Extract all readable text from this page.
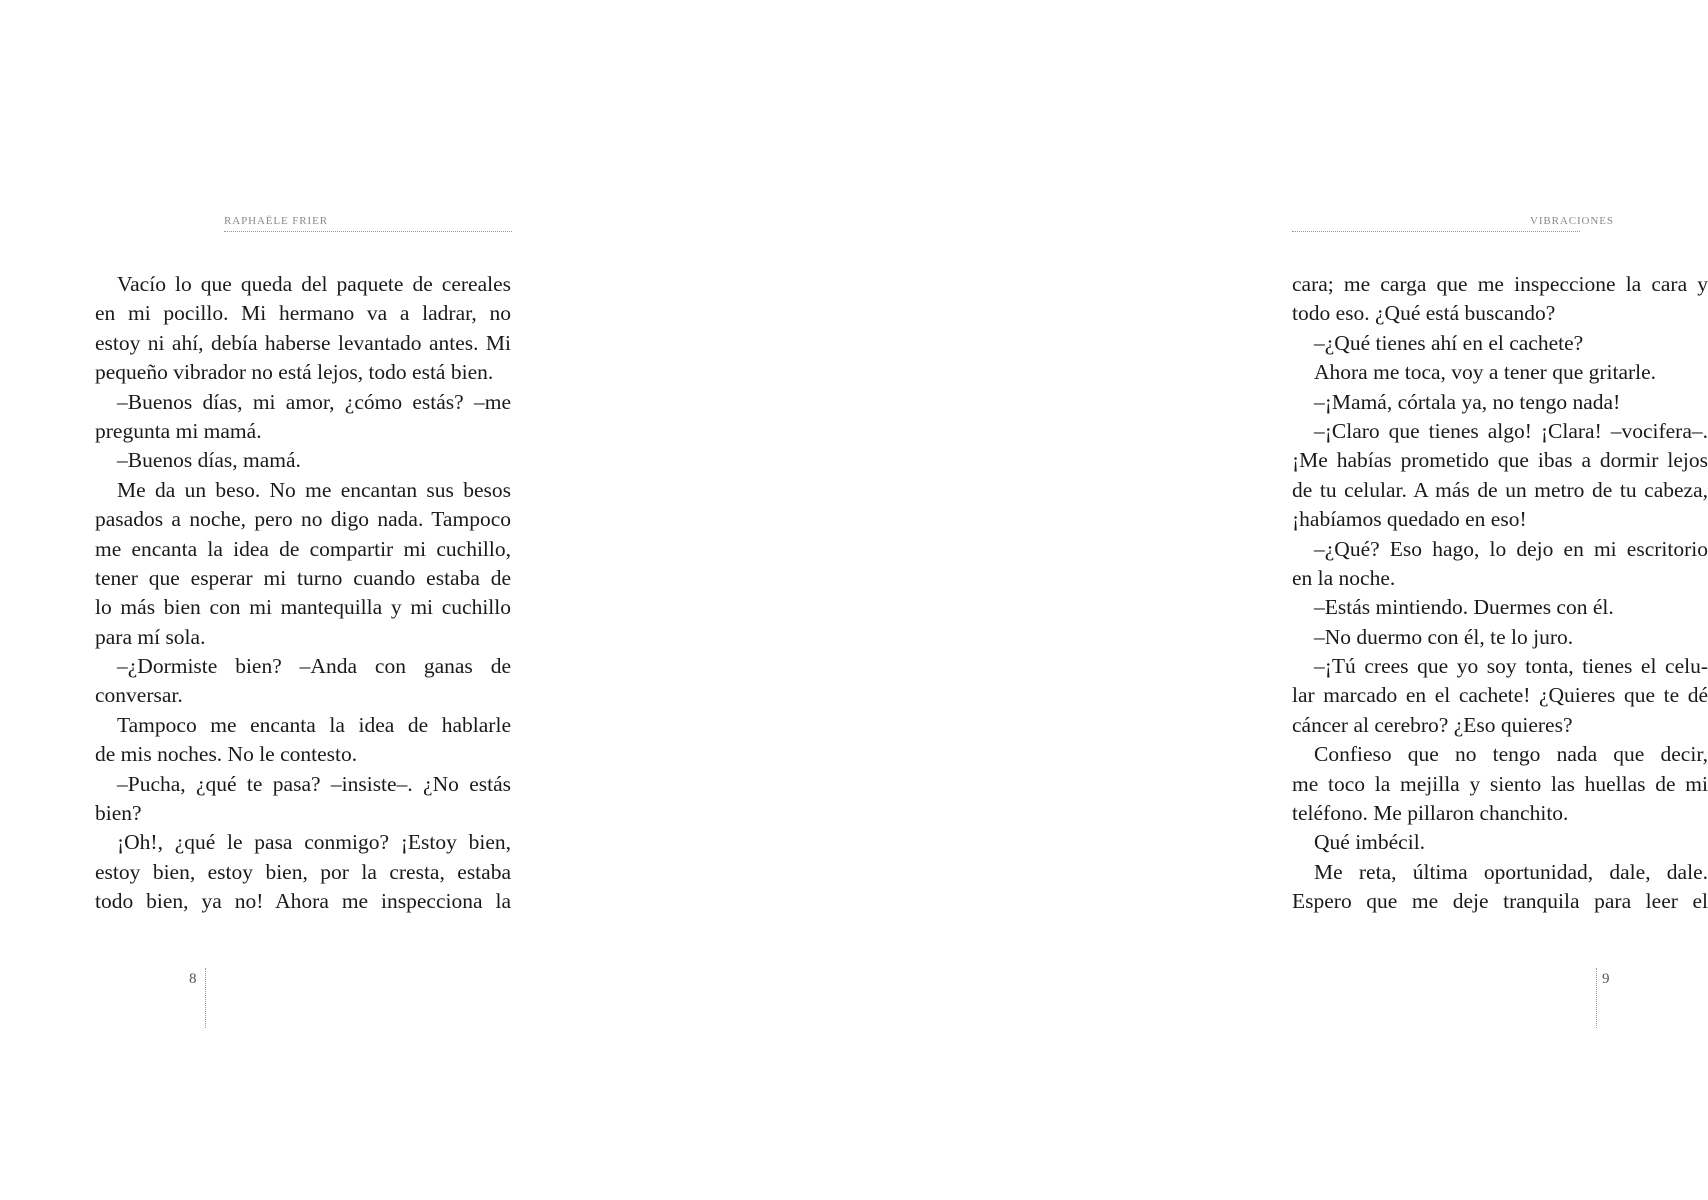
RAPHAËLE FRIER
Vacío lo que queda del paquete de cereales
en mi pocillo. Mi hermano va a ladrar, no
estoy ni ahí, debía haberse levantado antes. Mi
pequeño vibrador no está lejos, todo está bien.
–Buenos días, mi amor, ¿cómo estás? –me
pregunta mi mamá.
–Buenos días, mamá.
Me da un beso. No me encantan sus besos
pasados a noche, pero no digo nada. Tampoco
me encanta la idea de compartir mi cuchillo,
tener que esperar mi turno cuando estaba de
lo más bien con mi mantequilla y mi cuchillo
para mí sola.
–¿Dormiste bien? –Anda con ganas de
conversar.
Tampoco me encanta la idea de hablarle
de mis noches. No le contesto.
–Pucha, ¿qué te pasa? –insiste–. ¿No estás
bien?
¡Oh!, ¿qué le pasa conmigo? ¡Estoy bien,
estoy bien, estoy bien, por la cresta, estaba
todo bien, ya no! Ahora me inspecciona la
8
VIBRACIONES
cara; me carga que me inspeccione la cara y
todo eso. ¿Qué está buscando?
–¿Qué tienes ahí en el cachete?
Ahora me toca, voy a tener que gritarle.
–¡Mamá, córtala ya, no tengo nada!
–¡Claro que tienes algo! ¡Clara! –vocifera–.
¡Me habías prometido que ibas a dormir lejos
de tu celular. A más de un metro de tu cabeza,
¡habíamos quedado en eso!
–¿Qué? Eso hago, lo dejo en mi escritorio
en la noche.
–Estás mintiendo. Duermes con él.
–No duermo con él, te lo juro.
–¡Tú crees que yo soy tonta, tienes el celu-
lar marcado en el cachete! ¿Quieres que te dé
cáncer al cerebro? ¿Eso quieres?
Confieso que no tengo nada que decir,
me toco la mejilla y siento las huellas de mi
teléfono. Me pillaron chanchito.
Qué imbécil.
Me reta, última oportunidad, dale, dale.
Espero que me deje tranquila para leer el
9
